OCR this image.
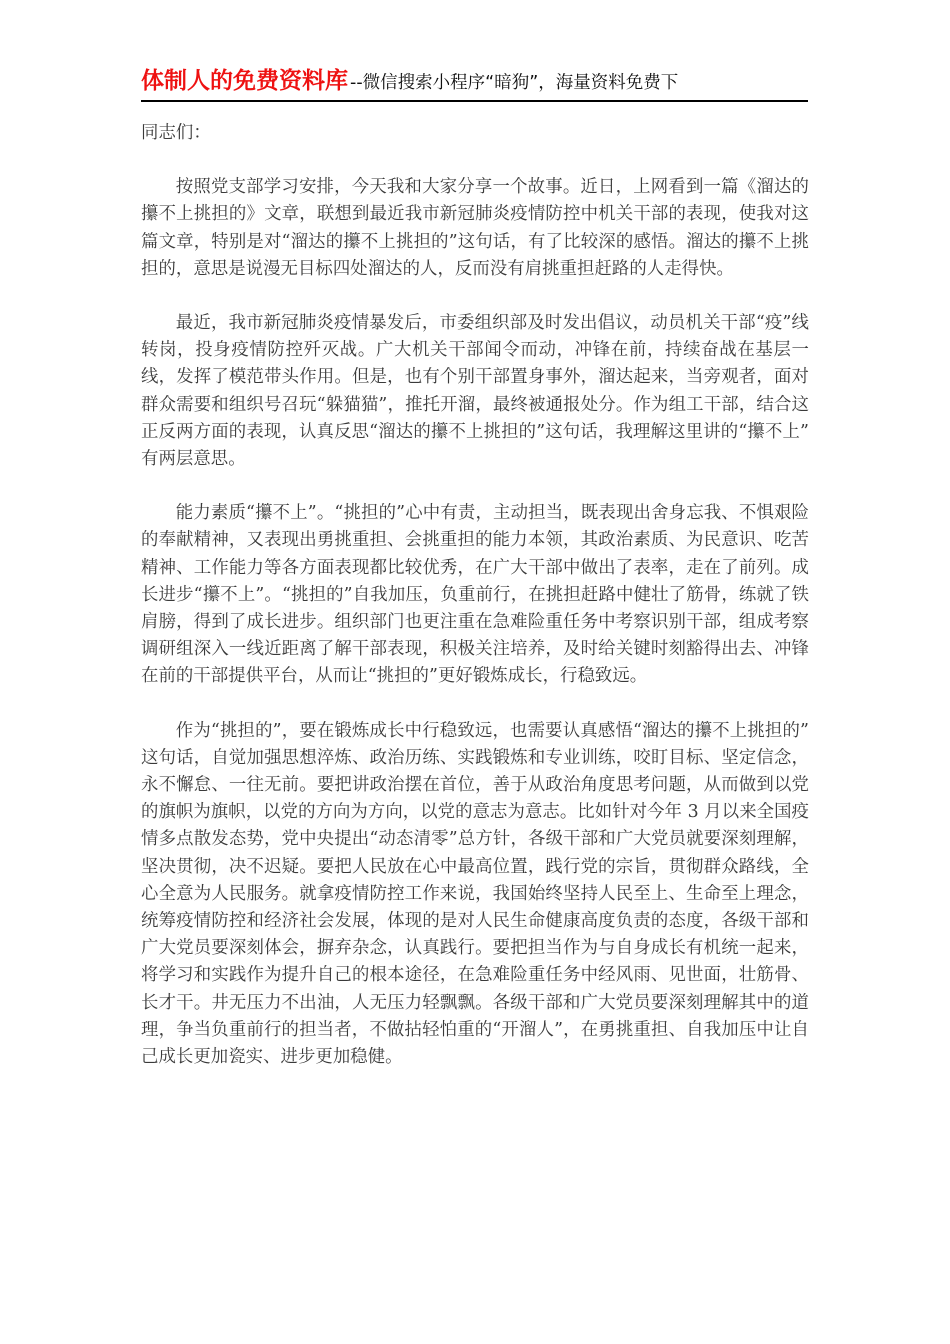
体制人的免费资料库 --微信搜索小程序“暗狗”，海量资料免费下

同志们：

按照党支部学习安排，今天我和大家分享一个故事。近日，上网看到一篇《溜达的攥不上挑担的》文章，联想到最近我市新冠肺炎疫情防控中机关干部的表现，使我对这篇文章，特别是对“溜达的攥不上挑担的”这句话，有了比较深的感悟。溜达的攥不上挑担的，意思是说漫无目标四处溜达的人，反而没有肩挑重担赶路的人走得快。

最近，我市新冠肺炎疫情暴发后，市委组织部及时发出倡议，动员机关干部“疫”线转岗，投身疫情防控歼灭战。广大机关干部闻令而动，冲锋在前，持续奋战在基层一线，发挥了模范带头作用。但是，也有个别干部置身事外，溜达起来，当旁观者，面对群众需要和组织号召玩“躲猫猫”，推托开溜，最终被通报处分。作为组工干部，结合这正反两方面的表现，认真反思“溜达的攥不上挑担的”这句话，我理解这里讲的“攥不上”有两层意思。

能力素质“攥不上”。“挑担的”心中有责，主动担当，既表现出舍身忘我、不惧艰险的奉献精神，又表现出勇挑重担、会挑重担的能力本领，其政治素质、为民意识、吃苦精神、工作能力等各方面表现都比较优秀，在广大干部中做出了表率，走在了前列。成长进步“攥不上”。“挑担的”自我加压，负重前行，在挑担赶路中健壮了筋骨，练就了铁肩膀，得到了成长进步。组织部门也更注重在急难险重任务中考察识别干部，组成考察调研组深入一线近距离了解干部表现，积极关注培养，及时给关键时刻豁得出去、冲锋在前的干部提供平台，从而让“挑担的”更好锻炼成长，行稳致远。

作为“挑担的”，要在锻炼成长中行稳致远，也需要认真感悟“溜达的攥不上挑担的”这句话，自觉加强思想淬炼、政治历练、实践锻炼和专业训练，咬盯目标、坚定信念，永不懈怠、一往无前。要把讲政治摆在首位，善于从政治角度思考问题，从而做到以党的旗帜为旗帜，以党的方向为方向，以党的意志为意志。比如针对今年 3 月以来全国疫情多点散发态势，党中央提出“动态清零”总方针，各级干部和广大党员就要深刻理解，坚决贯彻，决不迟疑。要把人民放在心中最高位置，践行党的宗旨，贯彻群众路线，全心全意为人民服务。就拿疫情防控工作来说，我国始终坚持人民至上、生命至上理念，统筹疫情防控和经济社会发展，体现的是对人民生命健康高度负责的态度，各级干部和广大党员要深刻体会，摒弃杂念，认真践行。要把担当作为与自身成长有机统一起来，将学习和实践作为提升自己的根本途径，在急难险重任务中经风雨、见世面，壮筋骨、长才干。井无压力不出油，人无压力轻飘飘。各级干部和广大党员要深刻理解其中的道理，争当负重前行的担当者，不做拈轻怕重的“开溜人”，在勇挑重担、自我加压中让自己成长更加瓷实、进步更加稳健。
